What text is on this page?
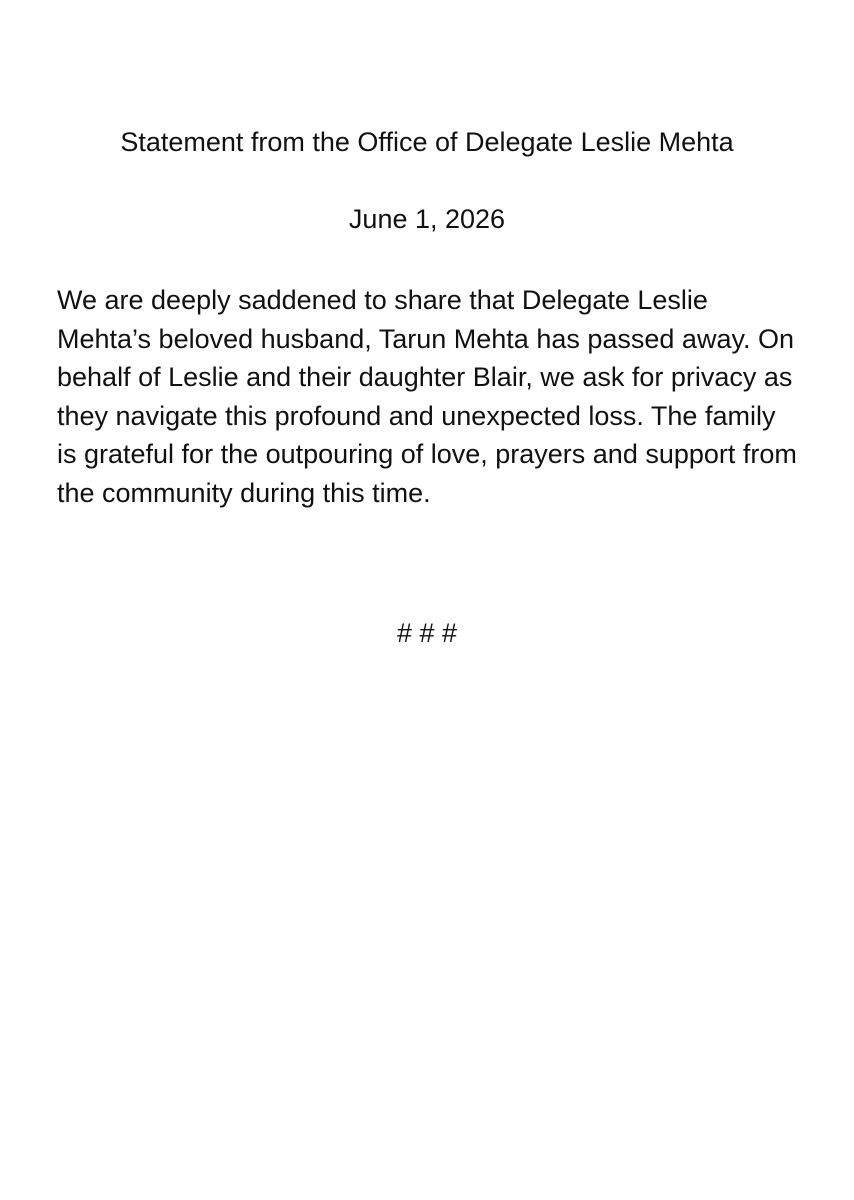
Statement from the Office of Delegate Leslie Mehta
June 1, 2026
We are deeply saddened to share that Delegate Leslie Mehta’s beloved husband, Tarun Mehta has passed away. On behalf of Leslie and their daughter Blair, we ask for privacy as they navigate this profound and unexpected loss. The family is grateful for the outpouring of love, prayers and support from the community during this time.
# # #
